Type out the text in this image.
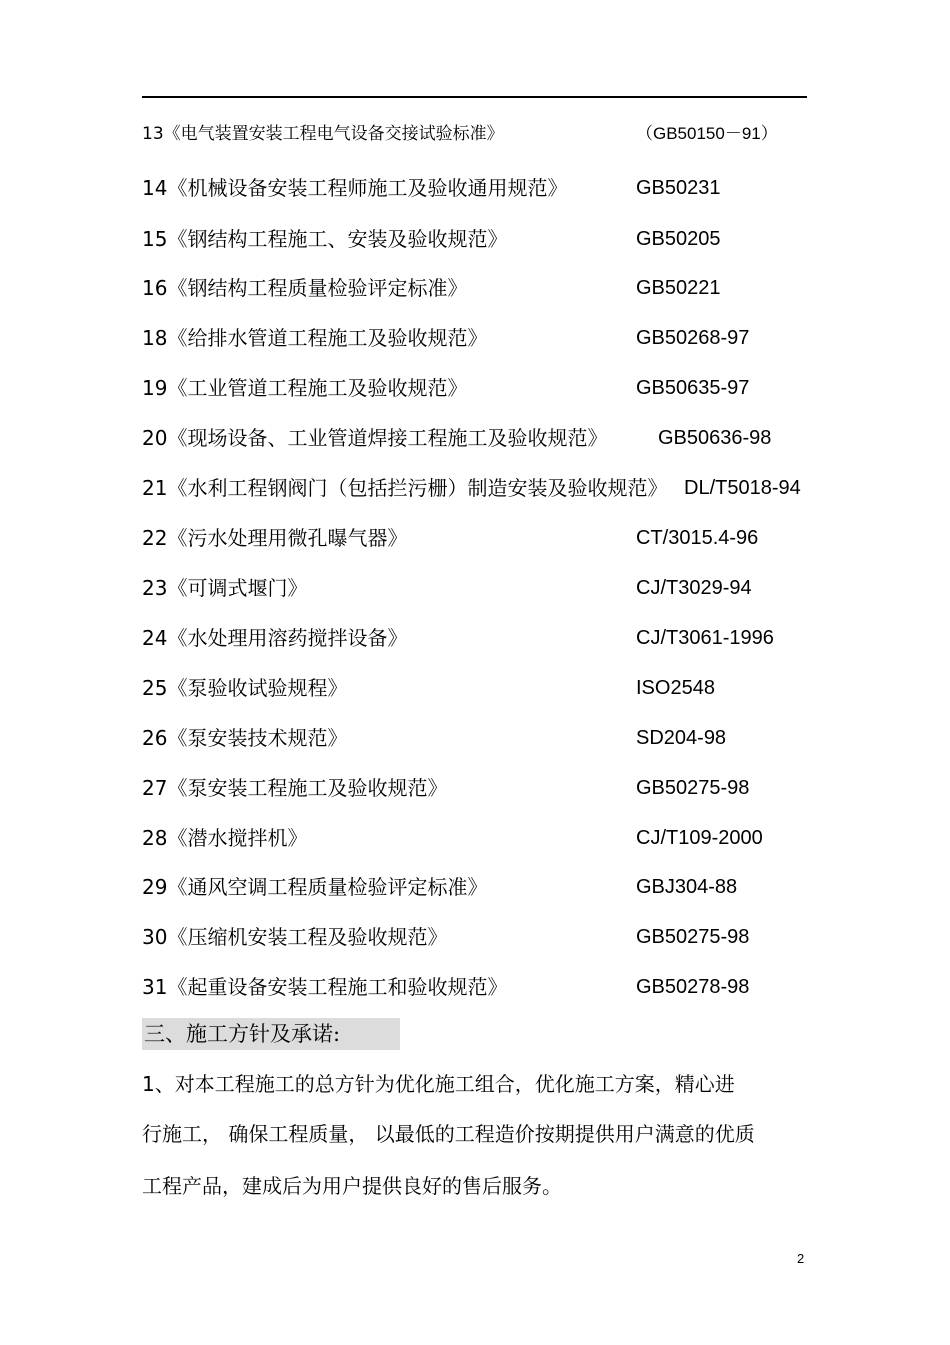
13《电气装置安装工程电气设备交接试验标准》	（GB50150－91）
14《机械设备安装工程师施工及验收通用规范》	GB50231
15《钢结构工程施工、安装及验收规范》	GB50205
16《钢结构工程质量检验评定标准》	GB50221
18《给排水管道工程施工及验收规范》	GB50268-97
19《工业管道工程施工及验收规范》	GB50635-97
20《现场设备、工业管道焊接工程施工及验收规范》	GB50636-98
21《水利工程钢阀门（包括拦污栅）制造安装及验收规范》 DL/T5018-94
22《污水处理用微孔曝气器》	CT/3015.4-96
23《可调式堰门》	CJ/T3029-94
24《水处理用溶药搅拌设备》	CJ/T3061-1996
25《泵验收试验规程》	ISO2548
26《泵安装技术规范》	SD204-98
27《泵安装工程施工及验收规范》	GB50275-98
28《潜水搅拌机》	CJ/T109-2000
29《通风空调工程质量检验评定标准》	GBJ304-88
30《压缩机安装工程及验收规范》	GB50275-98
31《起重设备安装工程施工和验收规范》	GB50278-98
三、施工方针及承诺:
1、对本工程施工的总方针为优化施工组合，优化施工方案，精心进
行施工， 确保工程质量， 以最低的工程造价按期提供用户满意的优质
工程产品，建成后为用户提供良好的售后服务。
2
